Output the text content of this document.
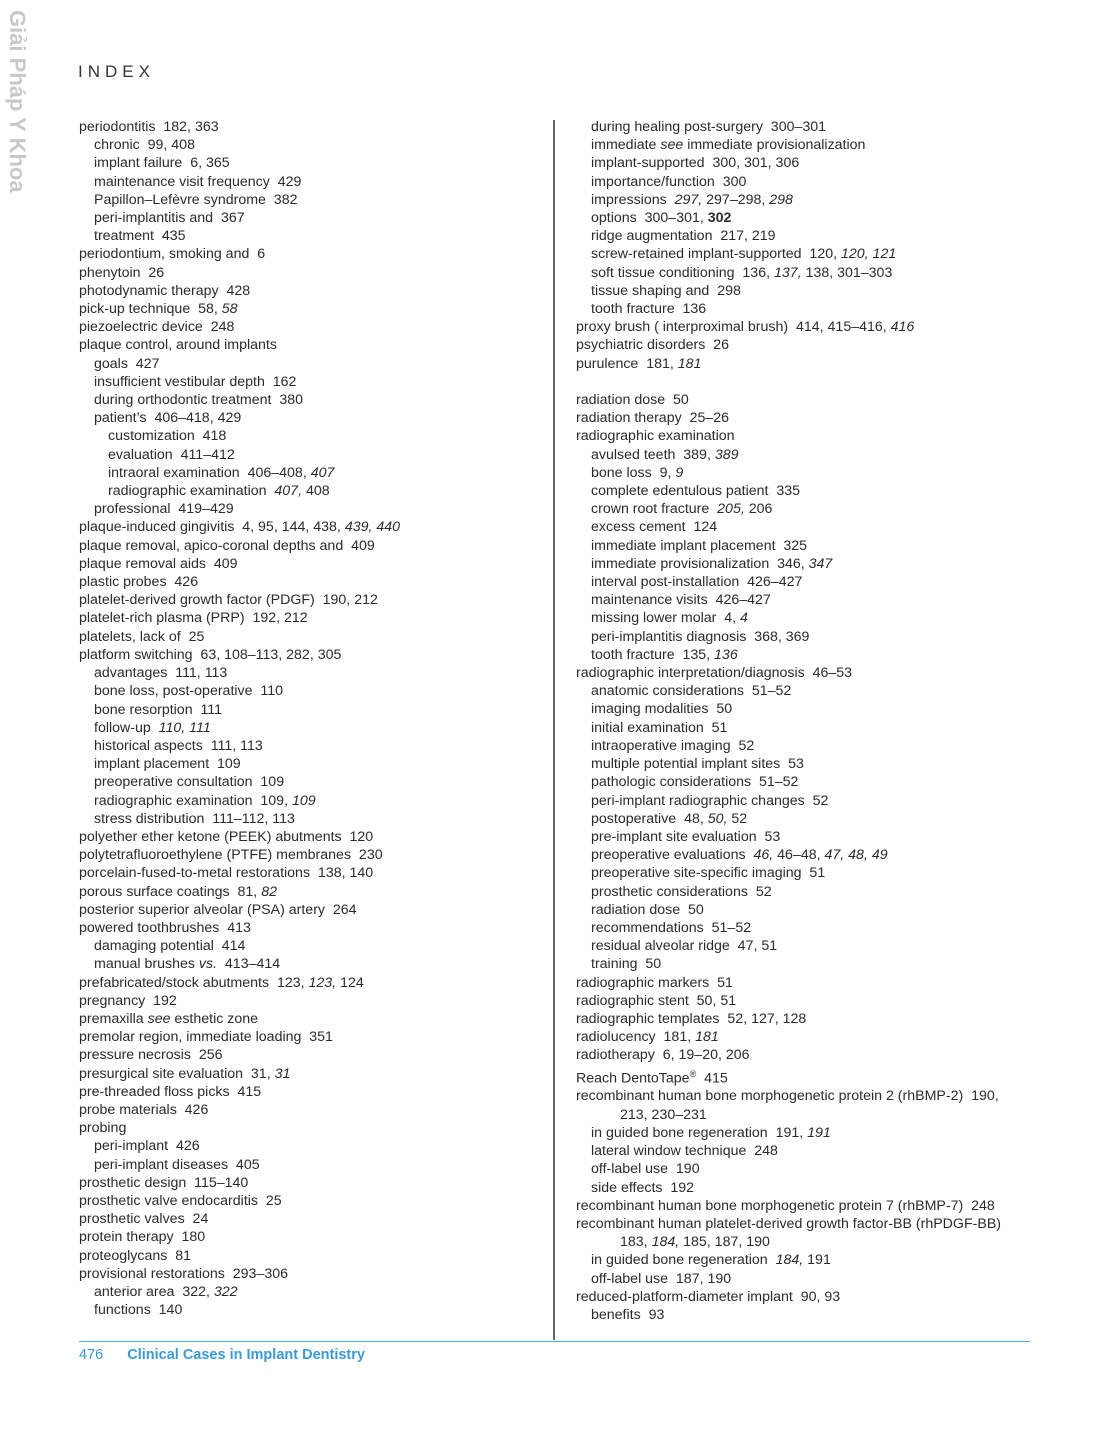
Giải Pháp Y Khoa	INDEX
periodontitis  182, 363
chronic  99, 408
implant failure  6, 365
maintenance visit frequency  429
Papillon–Lefèvre syndrome  382
peri-implantitis and  367
treatment  435
periodontium, smoking and  6
phenytoin  26
photodynamic therapy  428
pick-up technique  58, 58
piezoelectric device  248
plaque control, around implants
goals  427
insufficient vestibular depth  162
during orthodontic treatment  380
patient’s  406–418, 429
customization  418
evaluation  411–412
intraoral examination  406–408, 407
radiographic examination  407, 408
professional  419–429
plaque-induced gingivitis  4, 95, 144, 438, 439, 440
plaque removal, apico-coronal depths and  409
plaque removal aids  409
plastic probes  426
platelet-derived growth factor (PDGF)  190, 212
platelet-rich plasma (PRP)  192, 212
platelets, lack of  25
platform switching  63, 108–113, 282, 305
advantages  111, 113
bone loss, post-operative  110
bone resorption  111
follow-up  110, 111
historical aspects  111, 113
implant placement  109
preoperative consultation  109
radiographic examination  109, 109
stress distribution  111–112, 113
polyether ether ketone (PEEK) abutments  120
polytetrafluoroethylene (PTFE) membranes  230
porcelain-fused-to-metal restorations  138, 140
porous surface coatings  81, 82
posterior superior alveolar (PSA) artery  264
powered toothbrushes  413
damaging potential  414
manual brushes vs.  413–414
prefabricated/stock abutments  123, 123, 124
pregnancy  192
premaxilla see esthetic zone
premolar region, immediate loading  351
pressure necrosis  256
presurgical site evaluation  31, 31
pre-threaded floss picks  415
probe materials  426
probing
peri-implant  426
peri-implant diseases  405
prosthetic design  115–140
prosthetic valve endocarditis  25
prosthetic valves  24
protein therapy  180
proteoglycans  81
provisional restorations  293–306
anterior area  322, 322
functions  140
during healing post-surgery  300–301
immediate see immediate provisionalization
implant-supported  300, 301, 306
importance/function  300
impressions  297, 297–298, 298
options  300–301, 302
ridge augmentation  217, 219
screw-retained implant-supported  120, 120, 121
soft tissue conditioning  136, 137, 138, 301–303
tissue shaping and  298
tooth fracture  136
proxy brush ( interproximal brush)  414, 415–416, 416
psychiatric disorders  26
purulence  181, 181
radiation dose  50
radiation therapy  25–26
radiographic examination
avulsed teeth  389, 389
bone loss  9, 9
complete edentulous patient  335
crown root fracture  205, 206
excess cement  124
immediate implant placement  325
immediate provisionalization  346, 347
interval post-installation  426–427
maintenance visits  426–427
missing lower molar  4, 4
peri-implantitis diagnosis  368, 369
tooth fracture  135, 136
radiographic interpretation/diagnosis  46–53
anatomic considerations  51–52
imaging modalities  50
initial examination  51
intraoperative imaging  52
multiple potential implant sites  53
pathologic considerations  51–52
peri-implant radiographic changes  52
postoperative  48, 50, 52
pre-implant site evaluation  53
preoperative evaluations  46, 46–48, 47, 48, 49
preoperative site-specific imaging  51
prosthetic considerations  52
radiation dose  50
recommendations  51–52
residual alveolar ridge  47, 51
training  50
radiographic markers  51
radiographic stent  50, 51
radiographic templates  52, 127, 128
radiolucency  181, 181
radiotherapy  6, 19–20, 206
Reach DentoTape®  415
recombinant human bone morphogenetic protein 2 (rhBMP-2)  190, 213, 230–231
in guided bone regeneration  191, 191
lateral window technique  248
off-label use  190
side effects  192
recombinant human bone morphogenetic protein 7 (rhBMP-7)  248
recombinant human platelet-derived growth factor-BB (rhPDGF-BB)  183, 184, 185, 187, 190
in guided bone regeneration  184, 191
off-label use  187, 190
reduced-platform-diameter implant  90, 93
benefits  93
476 Clinical Cases in Implant Dentistry
